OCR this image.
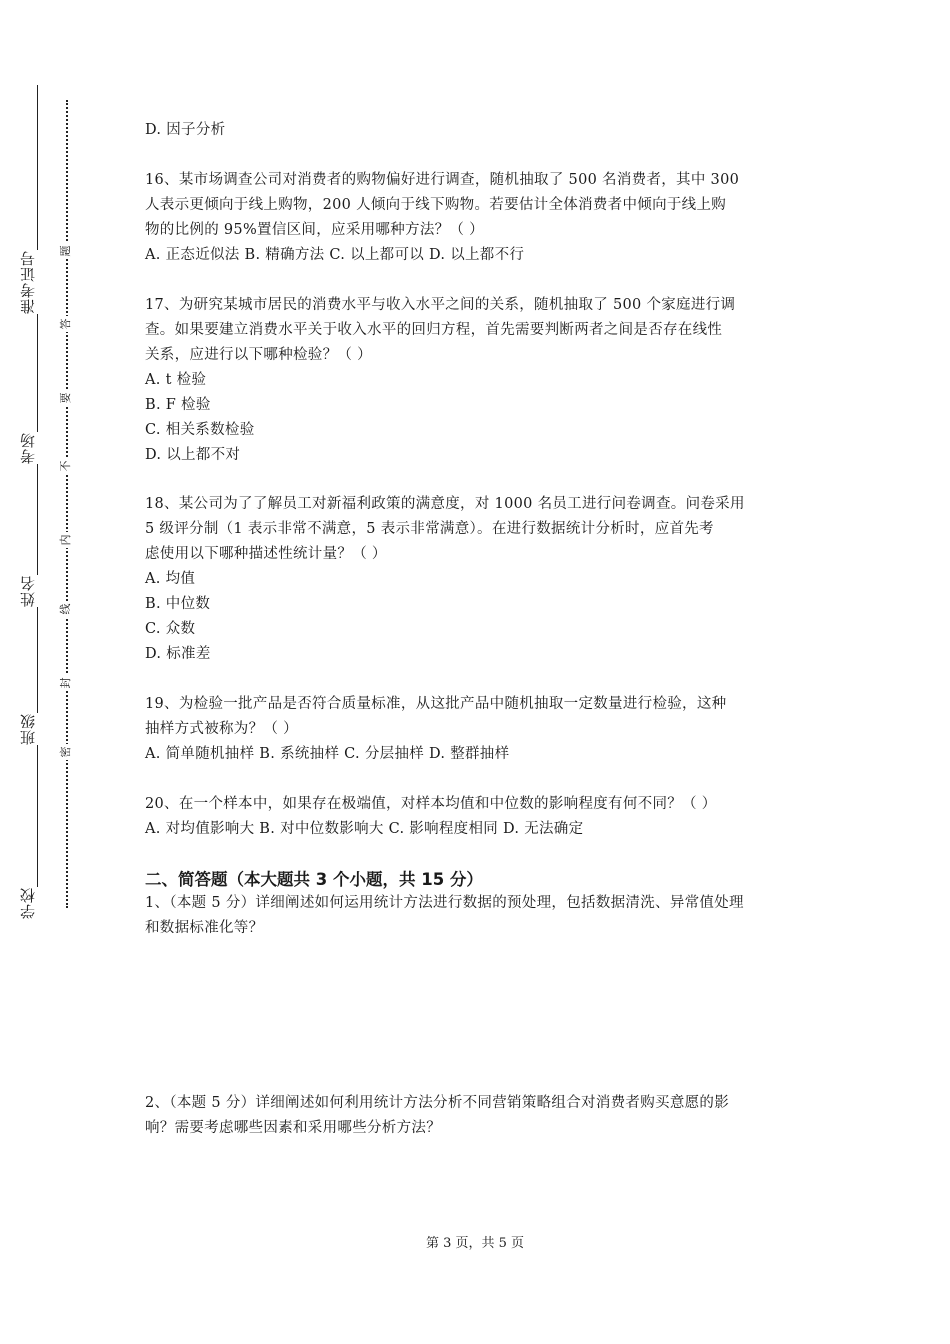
准考证号
考场
姓名
班级
学校
题
答
要
不
内
线
封
密
D. 因子分析
16、某市场调查公司对消费者的购物偏好进行调查，随机抽取了 500 名消费者，其中 300
人表示更倾向于线上购物，200 人倾向于线下购物。若要估计全体消费者中倾向于线上购
物的比例的 95%置信区间，应采用哪种方法？（ ）
A. 正态近似法 B. 精确方法 C. 以上都可以 D. 以上都不行
17、为研究某城市居民的消费水平与收入水平之间的关系，随机抽取了 500 个家庭进行调
查。如果要建立消费水平关于收入水平的回归方程，首先需要判断两者之间是否存在线性
关系，应进行以下哪种检验？（ ）
A. t 检验
B. F 检验
C. 相关系数检验
D. 以上都不对
18、某公司为了了解员工对新福利政策的满意度，对 1000 名员工进行问卷调查。问卷采用
5 级评分制（1 表示非常不满意，5 表示非常满意）。在进行数据统计分析时，应首先考
虑使用以下哪种描述性统计量？（ ）
A. 均值
B. 中位数
C. 众数
D. 标准差
19、为检验一批产品是否符合质量标准，从这批产品中随机抽取一定数量进行检验，这种
抽样方式被称为？（ ）
A. 简单随机抽样 B. 系统抽样 C. 分层抽样 D. 整群抽样
20、在一个样本中，如果存在极端值，对样本均值和中位数的影响程度有何不同？（ ）
A. 对均值影响大 B. 对中位数影响大 C. 影响程度相同 D. 无法确定
二、简答题（本大题共 3 个小题，共 15 分）
1、（本题 5 分）详细阐述如何运用统计方法进行数据的预处理，包括数据清洗、异常值处理
和数据标准化等？
2、（本题 5 分）详细阐述如何利用统计方法分析不同营销策略组合对消费者购买意愿的影
响？需要考虑哪些因素和采用哪些分析方法？
第 3 页，共 5 页
